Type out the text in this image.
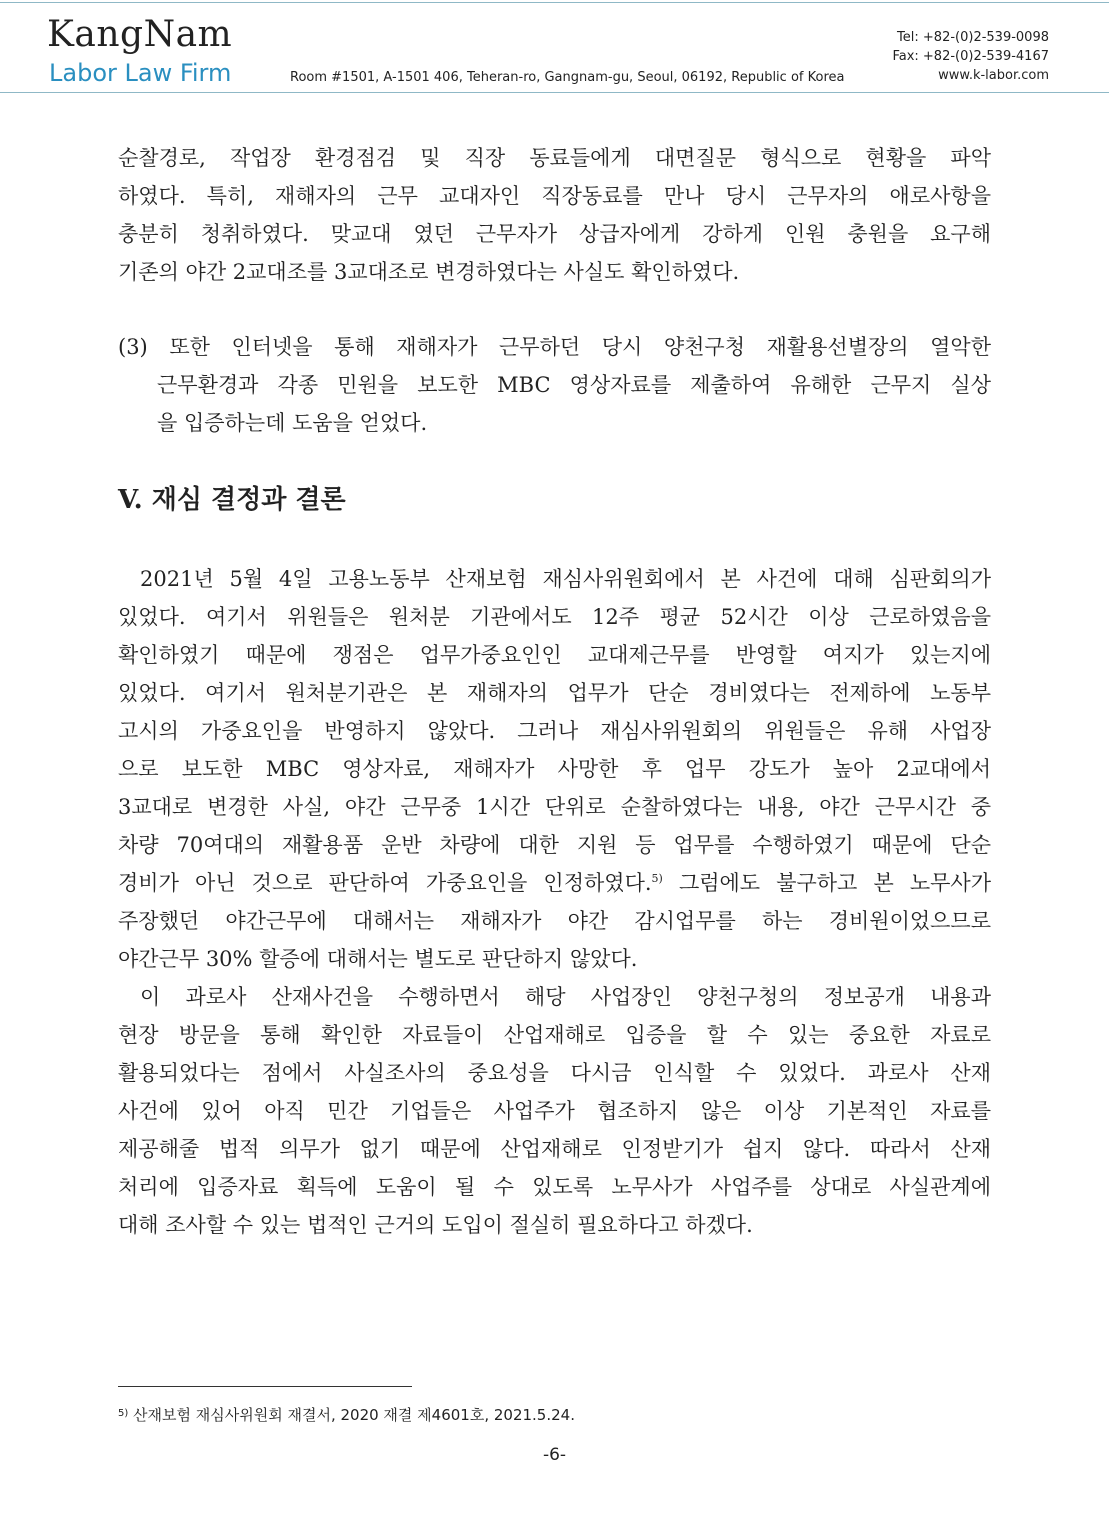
KangNam
Labor Law Firm	Room #1501, A-1501 406, Teheran-ro, Gangnam-gu, Seoul, 06192, Republic of Korea
Tel: +82-(0)2-539-0098
Fax: +82-(0)2-539-4167
www.k-labor.com
순찰경로, 작업장 환경점검 및 직장 동료들에게 대면질문 형식으로 현황을 파악
하였다. 특히, 재해자의 근무 교대자인 직장동료를 만나 당시 근무자의 애로사항을
충분히 청취하였다. 맞교대 였던 근무자가 상급자에게 강하게 인원 충원을 요구해
기존의 야간 2교대조를 3교대조로 변경하였다는 사실도 확인하였다.
(3) 또한 인터넷을 통해 재해자가 근무하던 당시 양천구청 재활용선별장의 열악한
근무환경과 각종 민원을 보도한 MBC 영상자료를 제출하여 유해한 근무지 실상
을 입증하는데 도움을 얻었다.
V. 재심 결정과 결론
2021년 5월 4일 고용노동부 산재보험 재심사위원회에서 본 사건에 대해 심판회의가
있었다. 여기서 위원들은 원처분 기관에서도 12주 평균 52시간 이상 근로하였음을
확인하였기 때문에 쟁점은 업무가중요인인 교대제근무를 반영할 여지가 있는지에
있었다. 여기서 원처분기관은 본 재해자의 업무가 단순 경비였다는 전제하에 노동부
고시의 가중요인을 반영하지 않았다. 그러나 재심사위원회의 위원들은 유해 사업장
으로 보도한 MBC 영상자료, 재해자가 사망한 후 업무 강도가 높아 2교대에서
3교대로 변경한 사실, 야간 근무중 1시간 단위로 순찰하였다는 내용, 야간 근무시간 중
차량 70여대의 재활용품 운반 차량에 대한 지원 등 업무를 수행하였기 때문에 단순
경비가 아닌 것으로 판단하여 가중요인을 인정하였다.$^{5)}$ 그럼에도 불구하고 본 노무사가
주장했던 야간근무에 대해서는 재해자가 야간 감시업무를 하는 경비원이었으므로
야간근무 30% 할증에 대해서는 별도로 판단하지 않았다.
이 과로사 산재사건을 수행하면서 해당 사업장인 양천구청의 정보공개 내용과
현장 방문을 통해 확인한 자료들이 산업재해로 입증을 할 수 있는 중요한 자료로
활용되었다는 점에서 사실조사의 중요성을 다시금 인식할 수 있었다. 과로사 산재
사건에 있어 아직 민간 기업들은 사업주가 협조하지 않은 이상 기본적인 자료를
제공해줄 법적 의무가 없기 때문에 산업재해로 인정받기가 쉽지 않다. 따라서 산재
처리에 입증자료 획득에 도움이 될 수 있도록 노무사가 사업주를 상대로 사실관계에
대해 조사할 수 있는 법적인 근거의 도입이 절실히 필요하다고 하겠다.
$^{5)}$ 산재보험 재심사위원회 재결서, 2020 재결 제4601호, 2021.5.24.
-6-
